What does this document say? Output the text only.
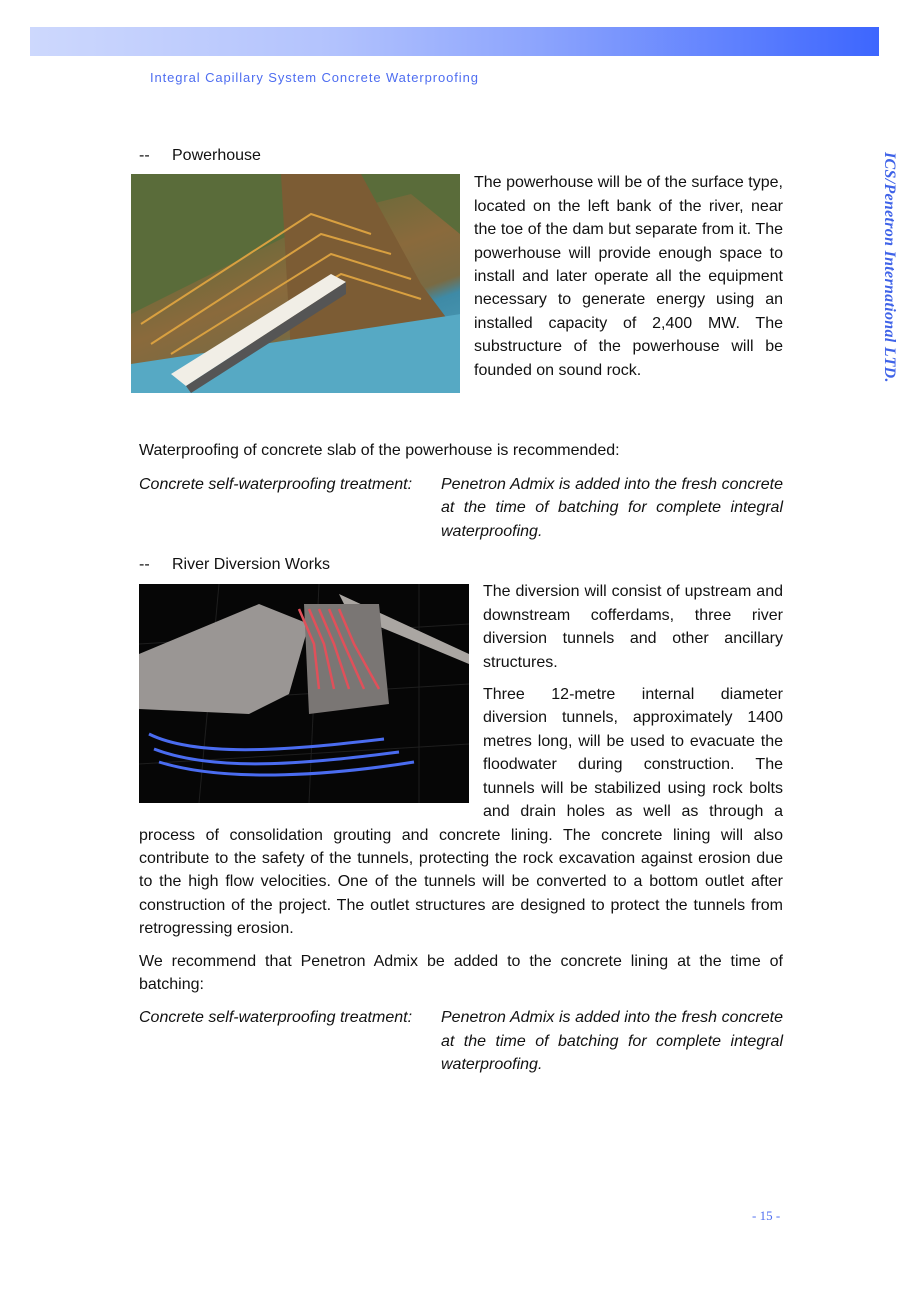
Integral Capillary System Concrete Waterproofing
ICS/Penetron International LTD.
--	Powerhouse

The powerhouse will be of the surface type, located on the left bank of the river, near the toe of the dam but separate from it. The powerhouse will provide enough space to install and later operate all the equipment necessary to generate energy using an installed capacity of 2,400 MW. The substructure of the powerhouse will be founded on sound rock.

Waterproofing of concrete slab of the powerhouse is recommended:

Concrete self-waterproofing treatment:	Penetron Admix is added into the fresh concrete at the time of batching for complete integral waterproofing.
--	River Diversion Works

The diversion will consist of upstream and downstream cofferdams, three river diversion tunnels and other ancillary structures.

Three 12-metre internal diameter diversion tunnels, approximately 1400 metres long, will be used to evacuate the floodwater during construction. The tunnels will be stabilized using rock bolts and drain holes as well as through a process of consolidation grouting and concrete lining. The concrete lining will also contribute to the safety of the tunnels, protecting the rock excavation against erosion due to the high flow velocities. One of the tunnels will be converted to a bottom outlet after construction of the project. The outlet structures are designed to protect the tunnels from retrogressing erosion.

We recommend that Penetron Admix be added to the concrete lining at the time of batching:

Concrete self-waterproofing treatment:	Penetron Admix is added into the fresh concrete at the time of batching for complete integral waterproofing.
- 15 -
